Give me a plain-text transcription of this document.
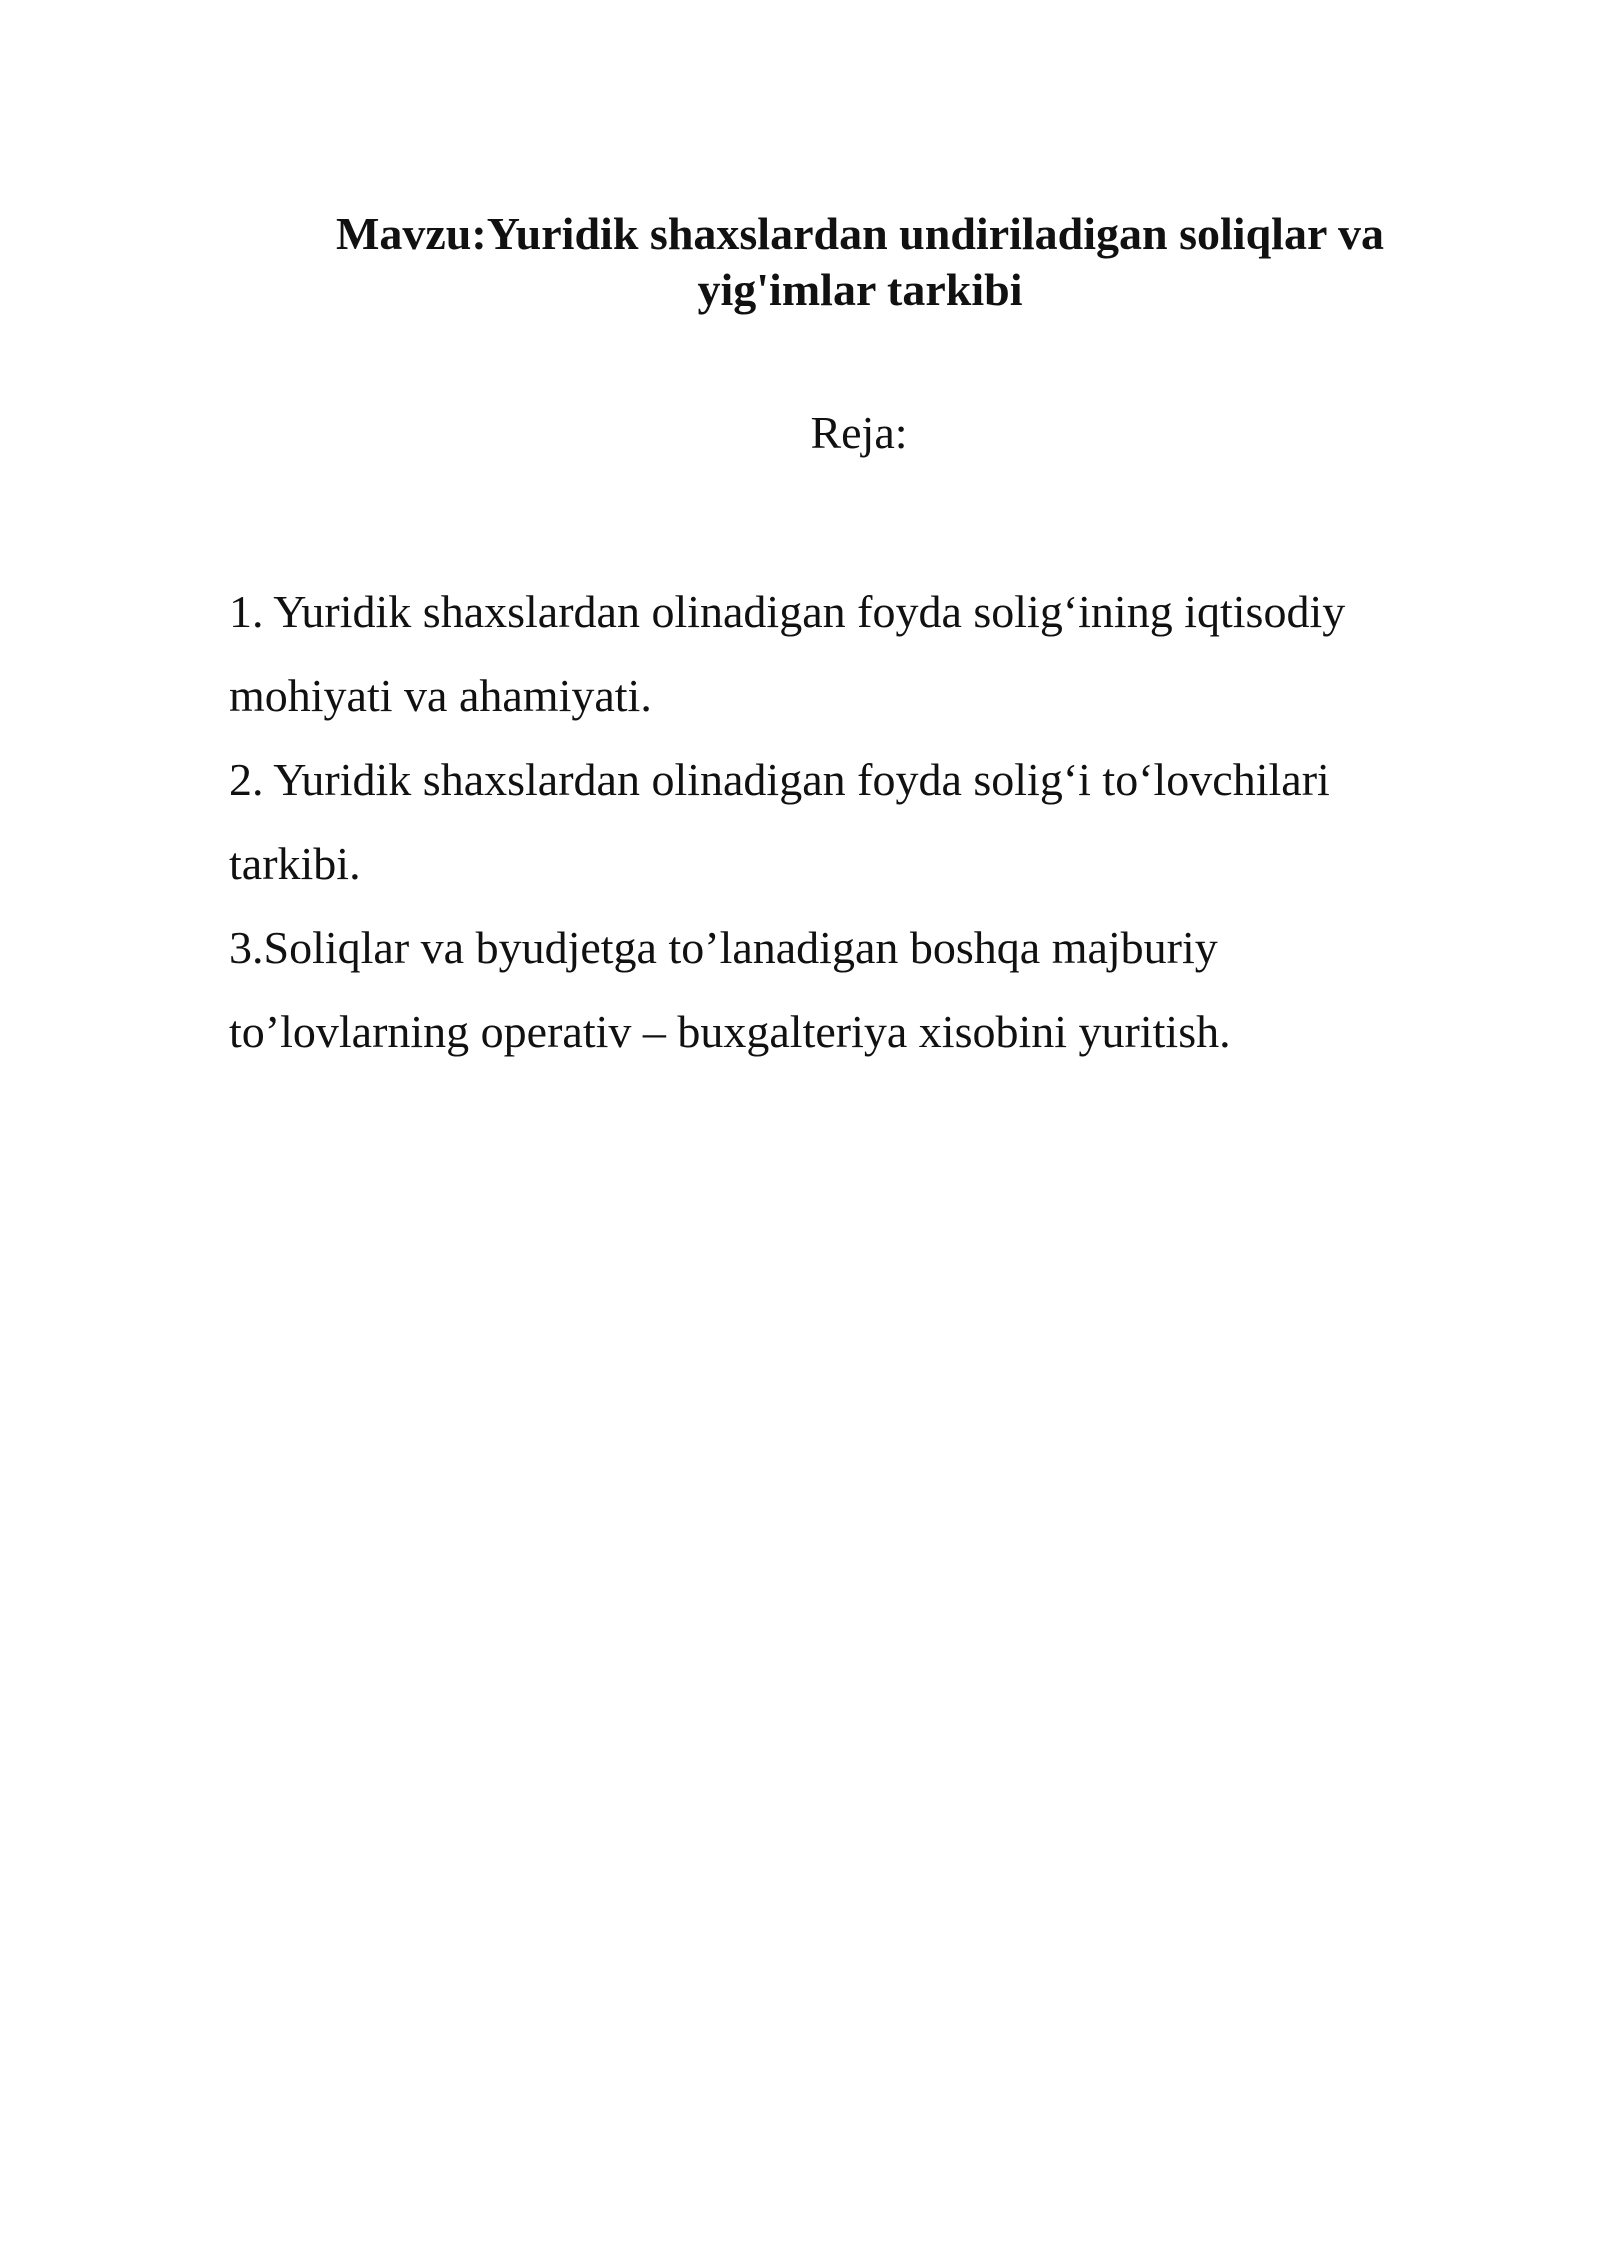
Mavzu:Yuridik shaxslardan undiriladigan soliqlar va
yig'imlar tarkibi
Reja:
1. Yuridik shaxslardan olinadigan foyda solig‘ining iqtisodiy
mohiyati va ahamiyati.
2. Yuridik shaxslardan olinadigan foyda solig‘i to‘lovchilari
tarkibi.
3.Soliqlar va byudjetga to’lanadigan boshqa majburiy
to’lovlarning operativ – buxgalteriya xisobini yuritish.
